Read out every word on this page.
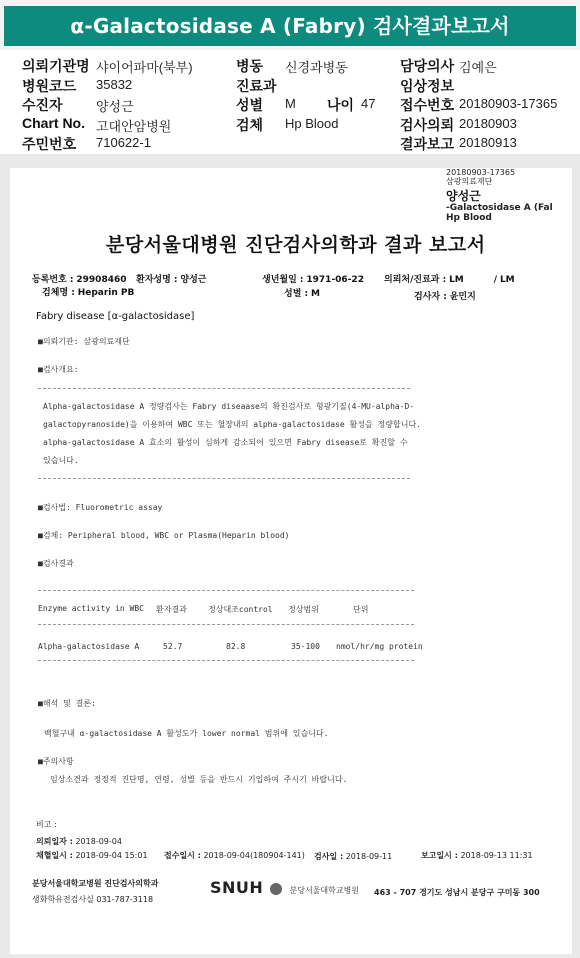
α-Galactosidase A (Fabry) 검사결과보고서
의뢰기관명 샤이어파마(북부)	병동 신경과병동	담당의사 김예은
병원코드 35832	진료과	임상정보
수진자	양성근	성별 M 나이 47 접수번호 20180903-17365
Chart No. 고대안암병원	검체 Hp Blood	검사의뢰 20180903
주민번호 710622-1	결과보고 20180913
20180903-17365
삼광의료재단
양성근
-Galactosidase A (Fal
Hp Blood
분당서울대병원 진단검사의학과 결과 보고서
등록번호 : 29908460 환자성명 : 양성근	생년월일 : 1971-06-22 의뢰처/진료과 : LM	/ LM
검체명 : Heparin PB	성별 : M	검사자 : 윤민지
Fabry disease [α-galactosidase]
■의뢰기관: 삼광의료재단
■검사개요:
Alpha-galactosidase A 정량검사는 Fabry diseaase의 확진검사로 형광기질(4-MU-alpha-D-
galactopyranoside)을 이용하여 WBC 또는 혈장내의 alpha-galactosidase 활성을 정량합니다.
alpha-galactosidase A 효소의 활성이 심하게 감소되어 있으면 Fabry disease로 확진할 수
있습니다.
■검사법: Fluorometric assay
■검체: Peripheral blood, WBC or Plasma(Heparin blood)
■검사결과
Enzyme activity in WBC 환자결과	정상대조control 정상범위	단위
Alpha-galactosidase A	52.7	82.8	35-100 nmol/hr/mg protein
■해석 및 결론:
백혈구내 α-galactosidase A 활성도가 lower normal 범위에 있습니다.
■주의사항
임상소견과 정정적 진단명, 연령, 성별 등을 반드시 기입하여 주시기 바랍니다.
비고 :
의뢰일자 : 2018-09-04
채혈일시 : 2018-09-04 15:01 접수일시 : 2018-09-04(180904-141) 검사일 : 2018-09-11	보고일시 : 2018-09-13 11:31
분당서울대학교병원 진단검사의학과
생화학유전검사실 031-787-3118
SNUH	분당서울대학교병원 463 - 707 경기도 성남시 분당구 구미동 300
